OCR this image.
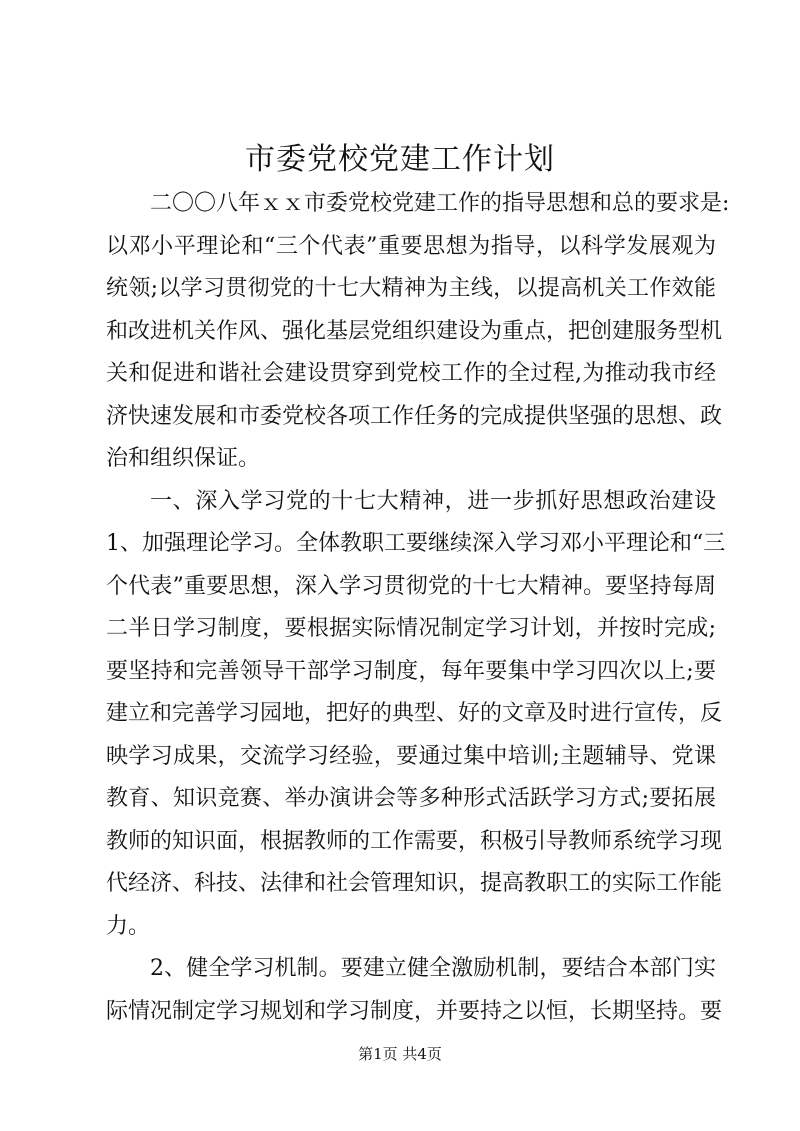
市委党校党建工作计划
二〇〇八年ｘｘ市委党校党建工作的指导思想和总的要求是:
以邓小平理论和“三个代表”重要思想为指导，以科学发展观为
统领;以学习贯彻党的十七大精神为主线，以提高机关工作效能
和改进机关作风、强化基层党组织建设为重点，把创建服务型机
关和促进和谐社会建设贯穿到党校工作的全过程,为推动我市经
济快速发展和市委党校各项工作任务的完成提供坚强的思想、政
治和组织保证。
一、深入学习党的十七大精神，进一步抓好思想政治建设
1、加强理论学习。全体教职工要继续深入学习邓小平理论和“三
个代表”重要思想，深入学习贯彻党的十七大精神。要坚持每周
二半日学习制度，要根据实际情况制定学习计划，并按时完成;
要坚持和完善领导干部学习制度，每年要集中学习四次以上;要
建立和完善学习园地，把好的典型、好的文章及时进行宣传，反
映学习成果，交流学习经验，要通过集中培训;主题辅导、党课
教育、知识竞赛、举办演讲会等多种形式活跃学习方式;要拓展
教师的知识面，根据教师的工作需要，积极引导教师系统学习现
代经济、科技、法律和社会管理知识，提高教职工的实际工作能
力。
2、健全学习机制。要建立健全激励机制，要结合本部门实
际情况制定学习规划和学习制度，并要持之以恒，长期坚持。要
第1页 共4页
